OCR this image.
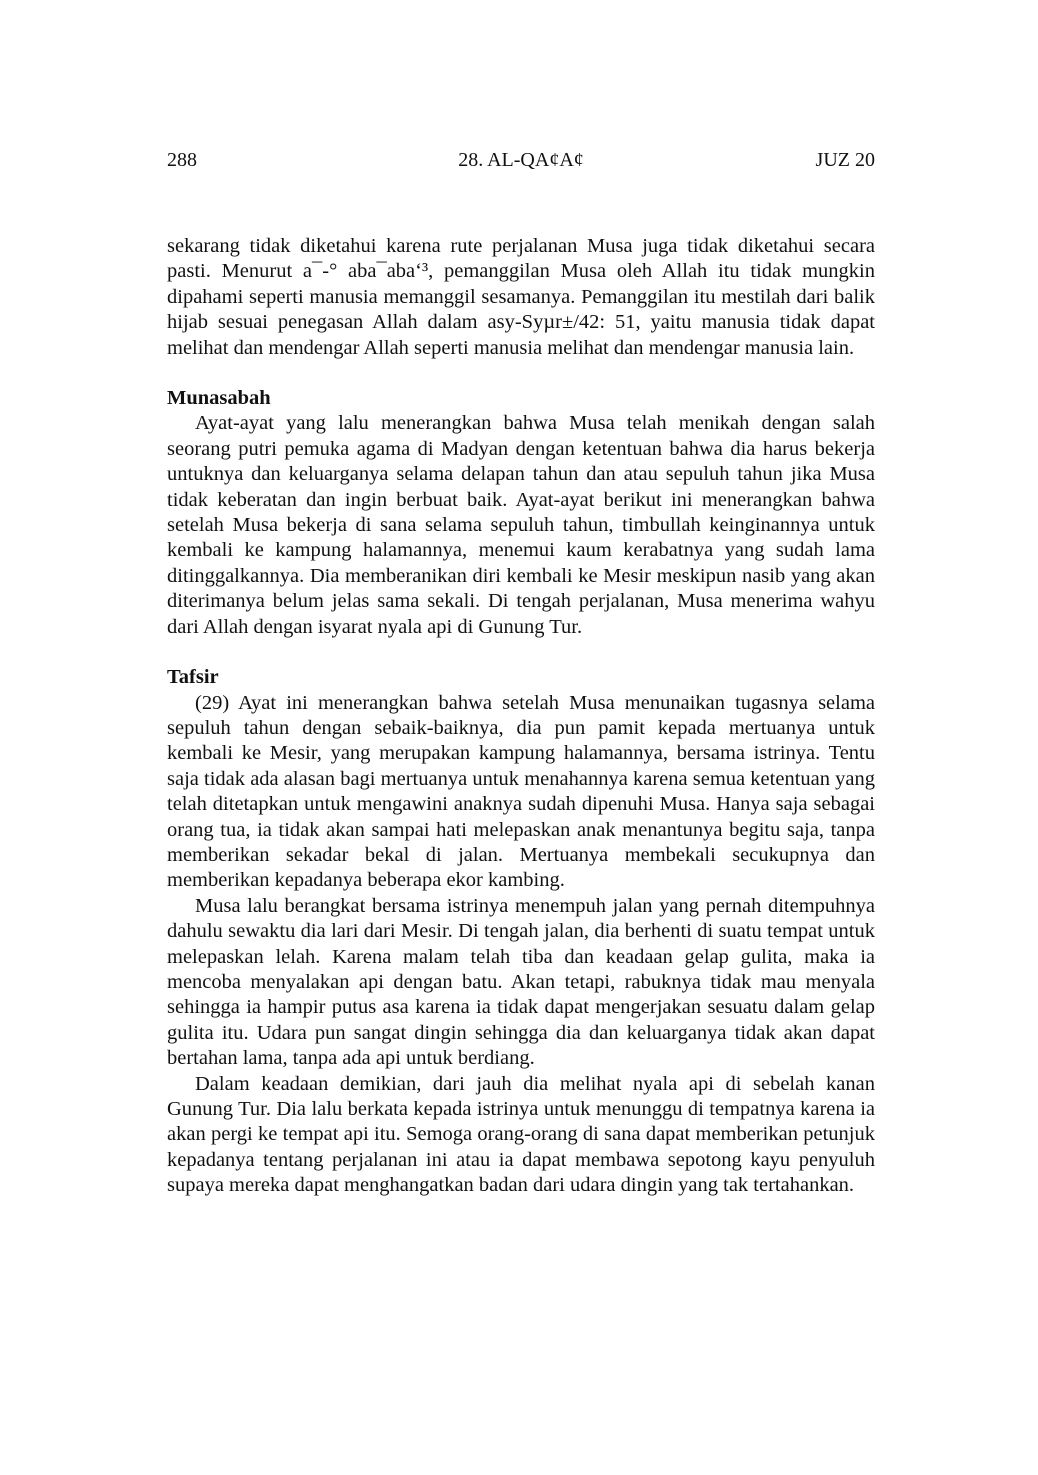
288	28. AL-QA¢A¢	JUZ 20

sekarang tidak diketahui karena rute perjalanan Musa juga tidak diketahui secara pasti. Menurut a¯-° aba¯aba‘³, pemanggilan Musa oleh Allah itu tidak mungkin dipahami seperti manusia memanggil sesamanya. Pemanggilan itu mestilah dari balik hijab sesuai penegasan Allah dalam asy-Syµr±/42: 51, yaitu manusia tidak dapat melihat dan mendengar Allah seperti manusia melihat dan mendengar manusia lain.

Munasabah

Ayat-ayat yang lalu menerangkan bahwa Musa telah menikah dengan salah seorang putri pemuka agama di Madyan dengan ketentuan bahwa dia harus bekerja untuknya dan keluarganya selama delapan tahun dan atau sepuluh tahun jika Musa tidak keberatan dan ingin berbuat baik. Ayat-ayat berikut ini menerangkan bahwa setelah Musa bekerja di sana selama sepuluh tahun, timbullah keinginannya untuk kembali ke kampung halamannya, menemui kaum kerabatnya yang sudah lama ditinggalkannya. Dia memberanikan diri kembali ke Mesir meskipun nasib yang akan diterimanya belum jelas sama sekali. Di tengah perjalanan, Musa menerima wahyu dari Allah dengan isyarat nyala api di Gunung Tur.

Tafsir

(29) Ayat ini menerangkan bahwa setelah Musa menunaikan tugasnya selama sepuluh tahun dengan sebaik-baiknya, dia pun pamit kepada mertuanya untuk kembali ke Mesir, yang merupakan kampung halamannya, bersama istrinya. Tentu saja tidak ada alasan bagi mertuanya untuk menahannya karena semua ketentuan yang telah ditetapkan untuk mengawini anaknya sudah dipenuhi Musa. Hanya saja sebagai orang tua, ia tidak akan sampai hati melepaskan anak menantunya begitu saja, tanpa memberikan sekadar bekal di jalan. Mertuanya membekali secukupnya dan memberikan kepadanya beberapa ekor kambing.

Musa lalu berangkat bersama istrinya menempuh jalan yang pernah ditempuhnya dahulu sewaktu dia lari dari Mesir. Di tengah jalan, dia berhenti di suatu tempat untuk melepaskan lelah. Karena malam telah tiba dan keadaan gelap gulita, maka ia mencoba menyalakan api dengan batu. Akan tetapi, rabuknya tidak mau menyala sehingga ia hampir putus asa karena ia tidak dapat mengerjakan sesuatu dalam gelap gulita itu. Udara pun sangat dingin sehingga dia dan keluarganya tidak akan dapat bertahan lama, tanpa ada api untuk berdiang.

Dalam keadaan demikian, dari jauh dia melihat nyala api di sebelah kanan Gunung Tur. Dia lalu berkata kepada istrinya untuk menunggu di tempatnya karena ia akan pergi ke tempat api itu. Semoga orang-orang di sana dapat memberikan petunjuk kepadanya tentang perjalanan ini atau ia dapat membawa sepotong kayu penyuluh supaya mereka dapat menghangatkan badan dari udara dingin yang tak tertahankan.
